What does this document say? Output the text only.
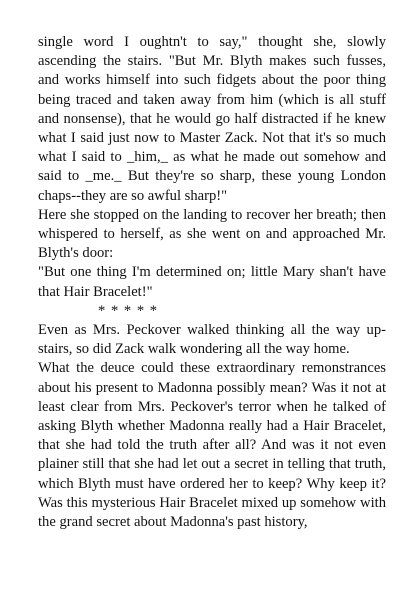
single word I oughtn't to say," thought she, slowly ascending the stairs. "But Mr. Blyth makes such fusses, and works himself into such fidgets about the poor thing being traced and taken away from him (which is all stuff and nonsense), that he would go half distracted if he knew what I said just now to Master Zack. Not that it's so much what I said to _him,_ as what he made out somehow and said to _me._ But they're so sharp, these young London chaps--they are so awful sharp!"

Here she stopped on the landing to recover her breath; then whispered to herself, as she went on and approached Mr. Blyth's door:

"But one thing I'm determined on; little Mary shan't have that Hair Bracelet!"

* * * * *

Even as Mrs. Peckover walked thinking all the way up-stairs, so did Zack walk wondering all the way home.

What the deuce could these extraordinary remonstrances about his present to Madonna possibly mean? Was it not at least clear from Mrs. Peckover's terror when he talked of asking Blyth whether Madonna really had a Hair Bracelet, that she had told the truth after all? And was it not even plainer still that she had let out a secret in telling that truth, which Blyth must have ordered her to keep? Why keep it? Was this mysterious Hair Bracelet mixed up somehow with the grand secret about Madonna's past history,
